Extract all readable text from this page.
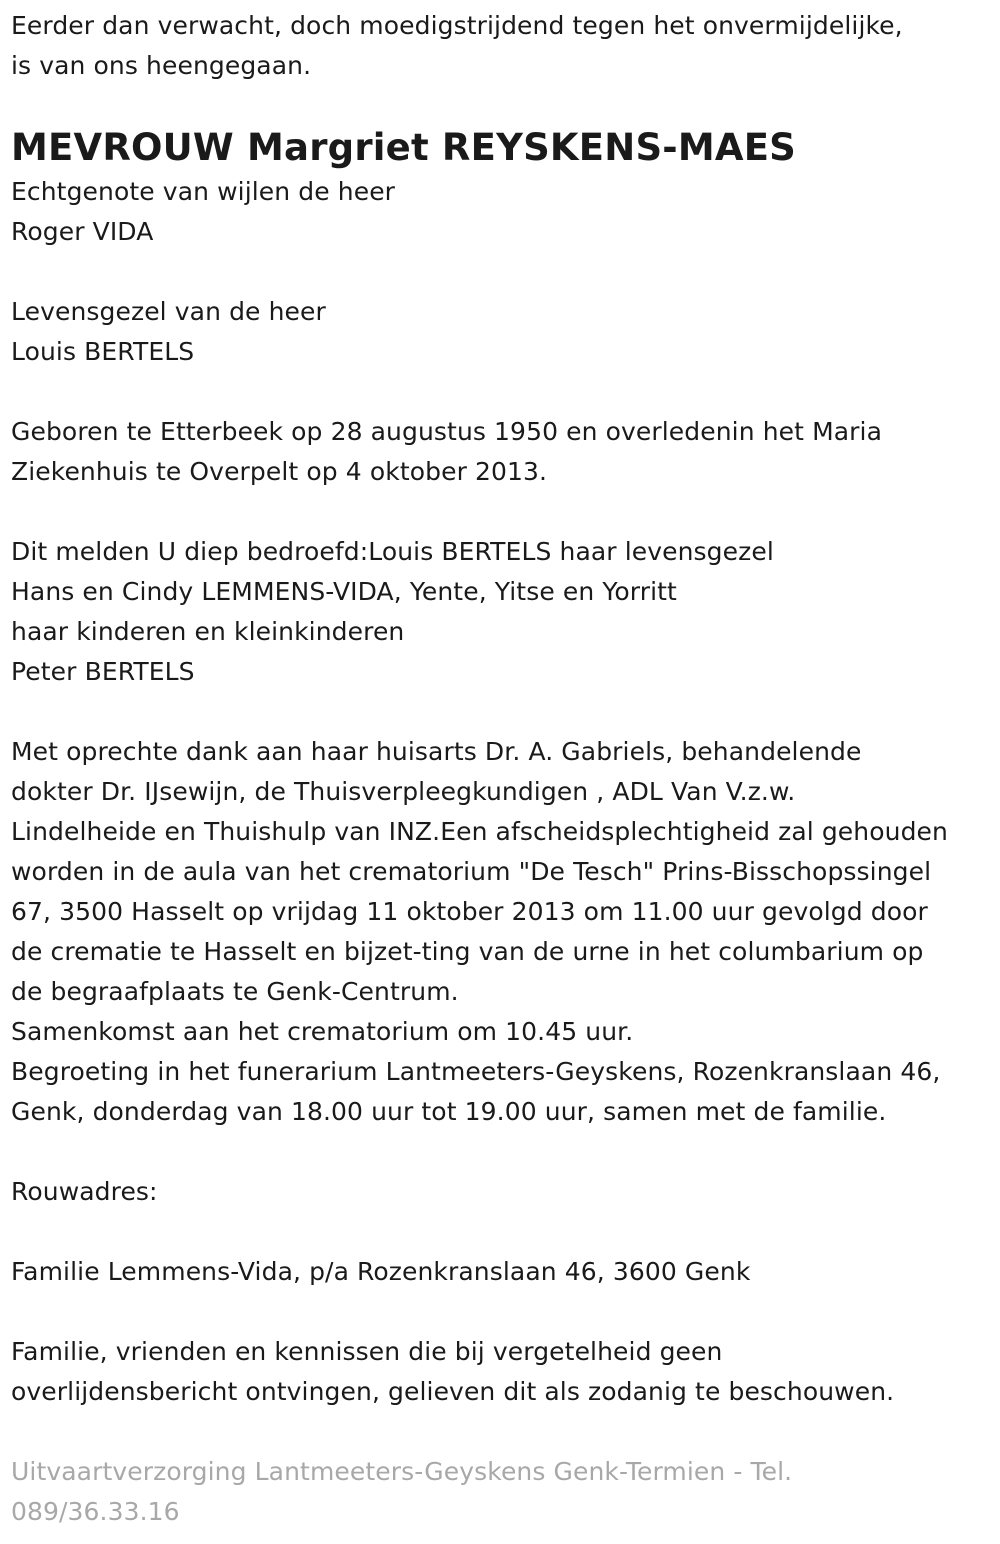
Eerder dan verwacht, doch moedigstrijdend tegen het onvermijdelijke,
is van ons heengegaan.
MEVROUW Margriet REYSKENS-MAES
Echtgenote van wijlen de heer
Roger VIDA
Levensgezel van de heer
Louis BERTELS
Geboren te Etterbeek op 28 augustus 1950 en overledenin het Maria
Ziekenhuis te Overpelt op 4 oktober 2013.
Dit melden U diep bedroefd:Louis BERTELS haar levensgezel
Hans en Cindy LEMMENS-VIDA, Yente, Yitse en Yorritt
haar kinderen en kleinkinderen
Peter BERTELS
Met oprechte dank aan haar huisarts Dr. A. Gabriels, behandelende
dokter Dr. IJsewijn, de Thuisverpleegkundigen , ADL Van V.z.w.
Lindelheide en Thuishulp van INZ.Een afscheidsplechtigheid zal gehouden
worden in de aula van het crematorium "De Tesch" Prins-Bisschopssingel
67, 3500 Hasselt op vrijdag 11 oktober 2013 om 11.00 uur gevolgd door
de crematie te Hasselt en bijzet-ting van de urne in het columbarium op
de begraafplaats te Genk-Centrum.
Samenkomst aan het crematorium om 10.45 uur.
Begroeting in het funerarium Lantmeeters-Geyskens, Rozenkranslaan 46,
Genk, donderdag van 18.00 uur tot 19.00 uur, samen met de familie.
Rouwadres:
Familie Lemmens-Vida, p/a Rozenkranslaan 46, 3600 Genk
Familie, vrienden en kennissen die bij vergetelheid geen
overlijdensbericht ontvingen, gelieven dit als zodanig te beschouwen.
Uitvaartverzorging Lantmeeters-Geyskens Genk-Termien - Tel.
089/36.33.16
